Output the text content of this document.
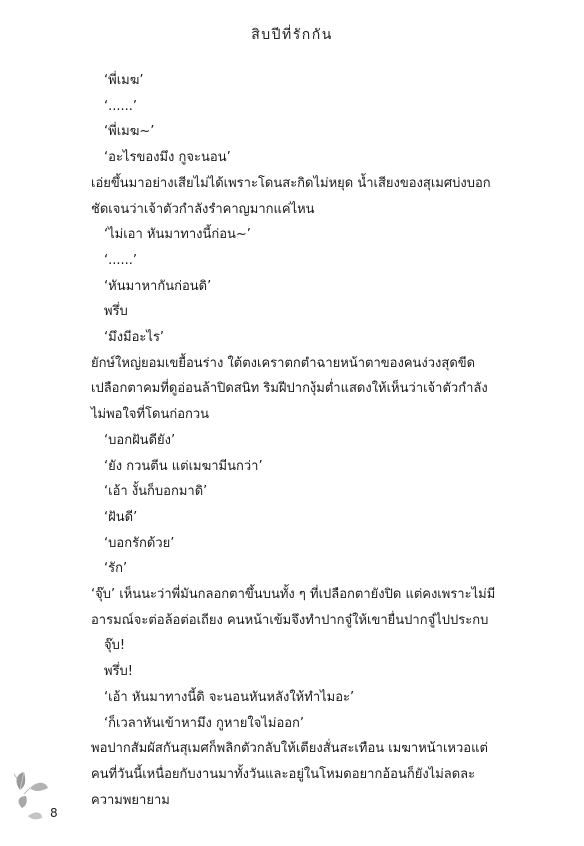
สิบปีที่รักกัน

‘พี่เมฆ’

‘......’

‘พี่เมฆ~’

‘อะไรของมึง กูจะนอน’

เอ่ยขึ้นมาอย่างเสียไม่ได้เพราะโดนสะกิดไม่หยุด น้ำเสียงของสุเมศบ่งบอกชัดเจนว่าเจ้าตัวกำลังรำคาญมากแค่ไหน

‘ไม่เอา หันมาทางนี้ก่อน~’

‘......’

‘หันมาหากันก่อนดิ’

พรึ่บ

‘มึงมีอะไร’

ยักษ์ใหญ่ยอมเขยื้อนร่าง ใต้ตงเคราตกตำฉายหน้าตาของคนง่วงสุดขีดเปลือกตาคมที่ดูอ่อนล้าปิดสนิท ริมฝีปากงุ้มต่ำแสดงให้เห็นว่าเจ้าตัวกำลังไม่พอใจที่โดนก่อกวน

‘บอกฝันดียัง’

‘ยัง กวนตีน แต่เมฆามีนกว่า’

‘เอ้า งั้นก็บอกมาดิ’

‘ฝันดี’

‘บอกรักด้วย’

‘รัก’

‘จุ๊บ’ เห็นนะว่าพี่มันกลอกตาขึ้นบนทั้ง ๆ ที่เปลือกตายังปิด แต่คงเพราะไม่มีอารมณ์จะต่อล้อต่อเถียง คนหน้าเข้มจึงทำปากจู๋ให้เขายื่นปากจู๋ไปประกบ

จุ๊บ!

พรึ่บ!

‘เอ้า หันมาทางนี้ดิ จะนอนหันหลังให้ทำไมอะ’

‘ก็เวลาหันเข้าหามึง กูหายใจไม่ออก’

พอปากสัมผัสกันสุเมศก็พลิกตัวกลับให้เตียงสั่นสะเทือน เมฆาหน้าเหวอแต่คนที่วันนี้เหนื่อยกับงานมาทั้งวันและอยู่ในโหมดอยากอ้อนก็ยังไม่ลดละความพยายาม

8
